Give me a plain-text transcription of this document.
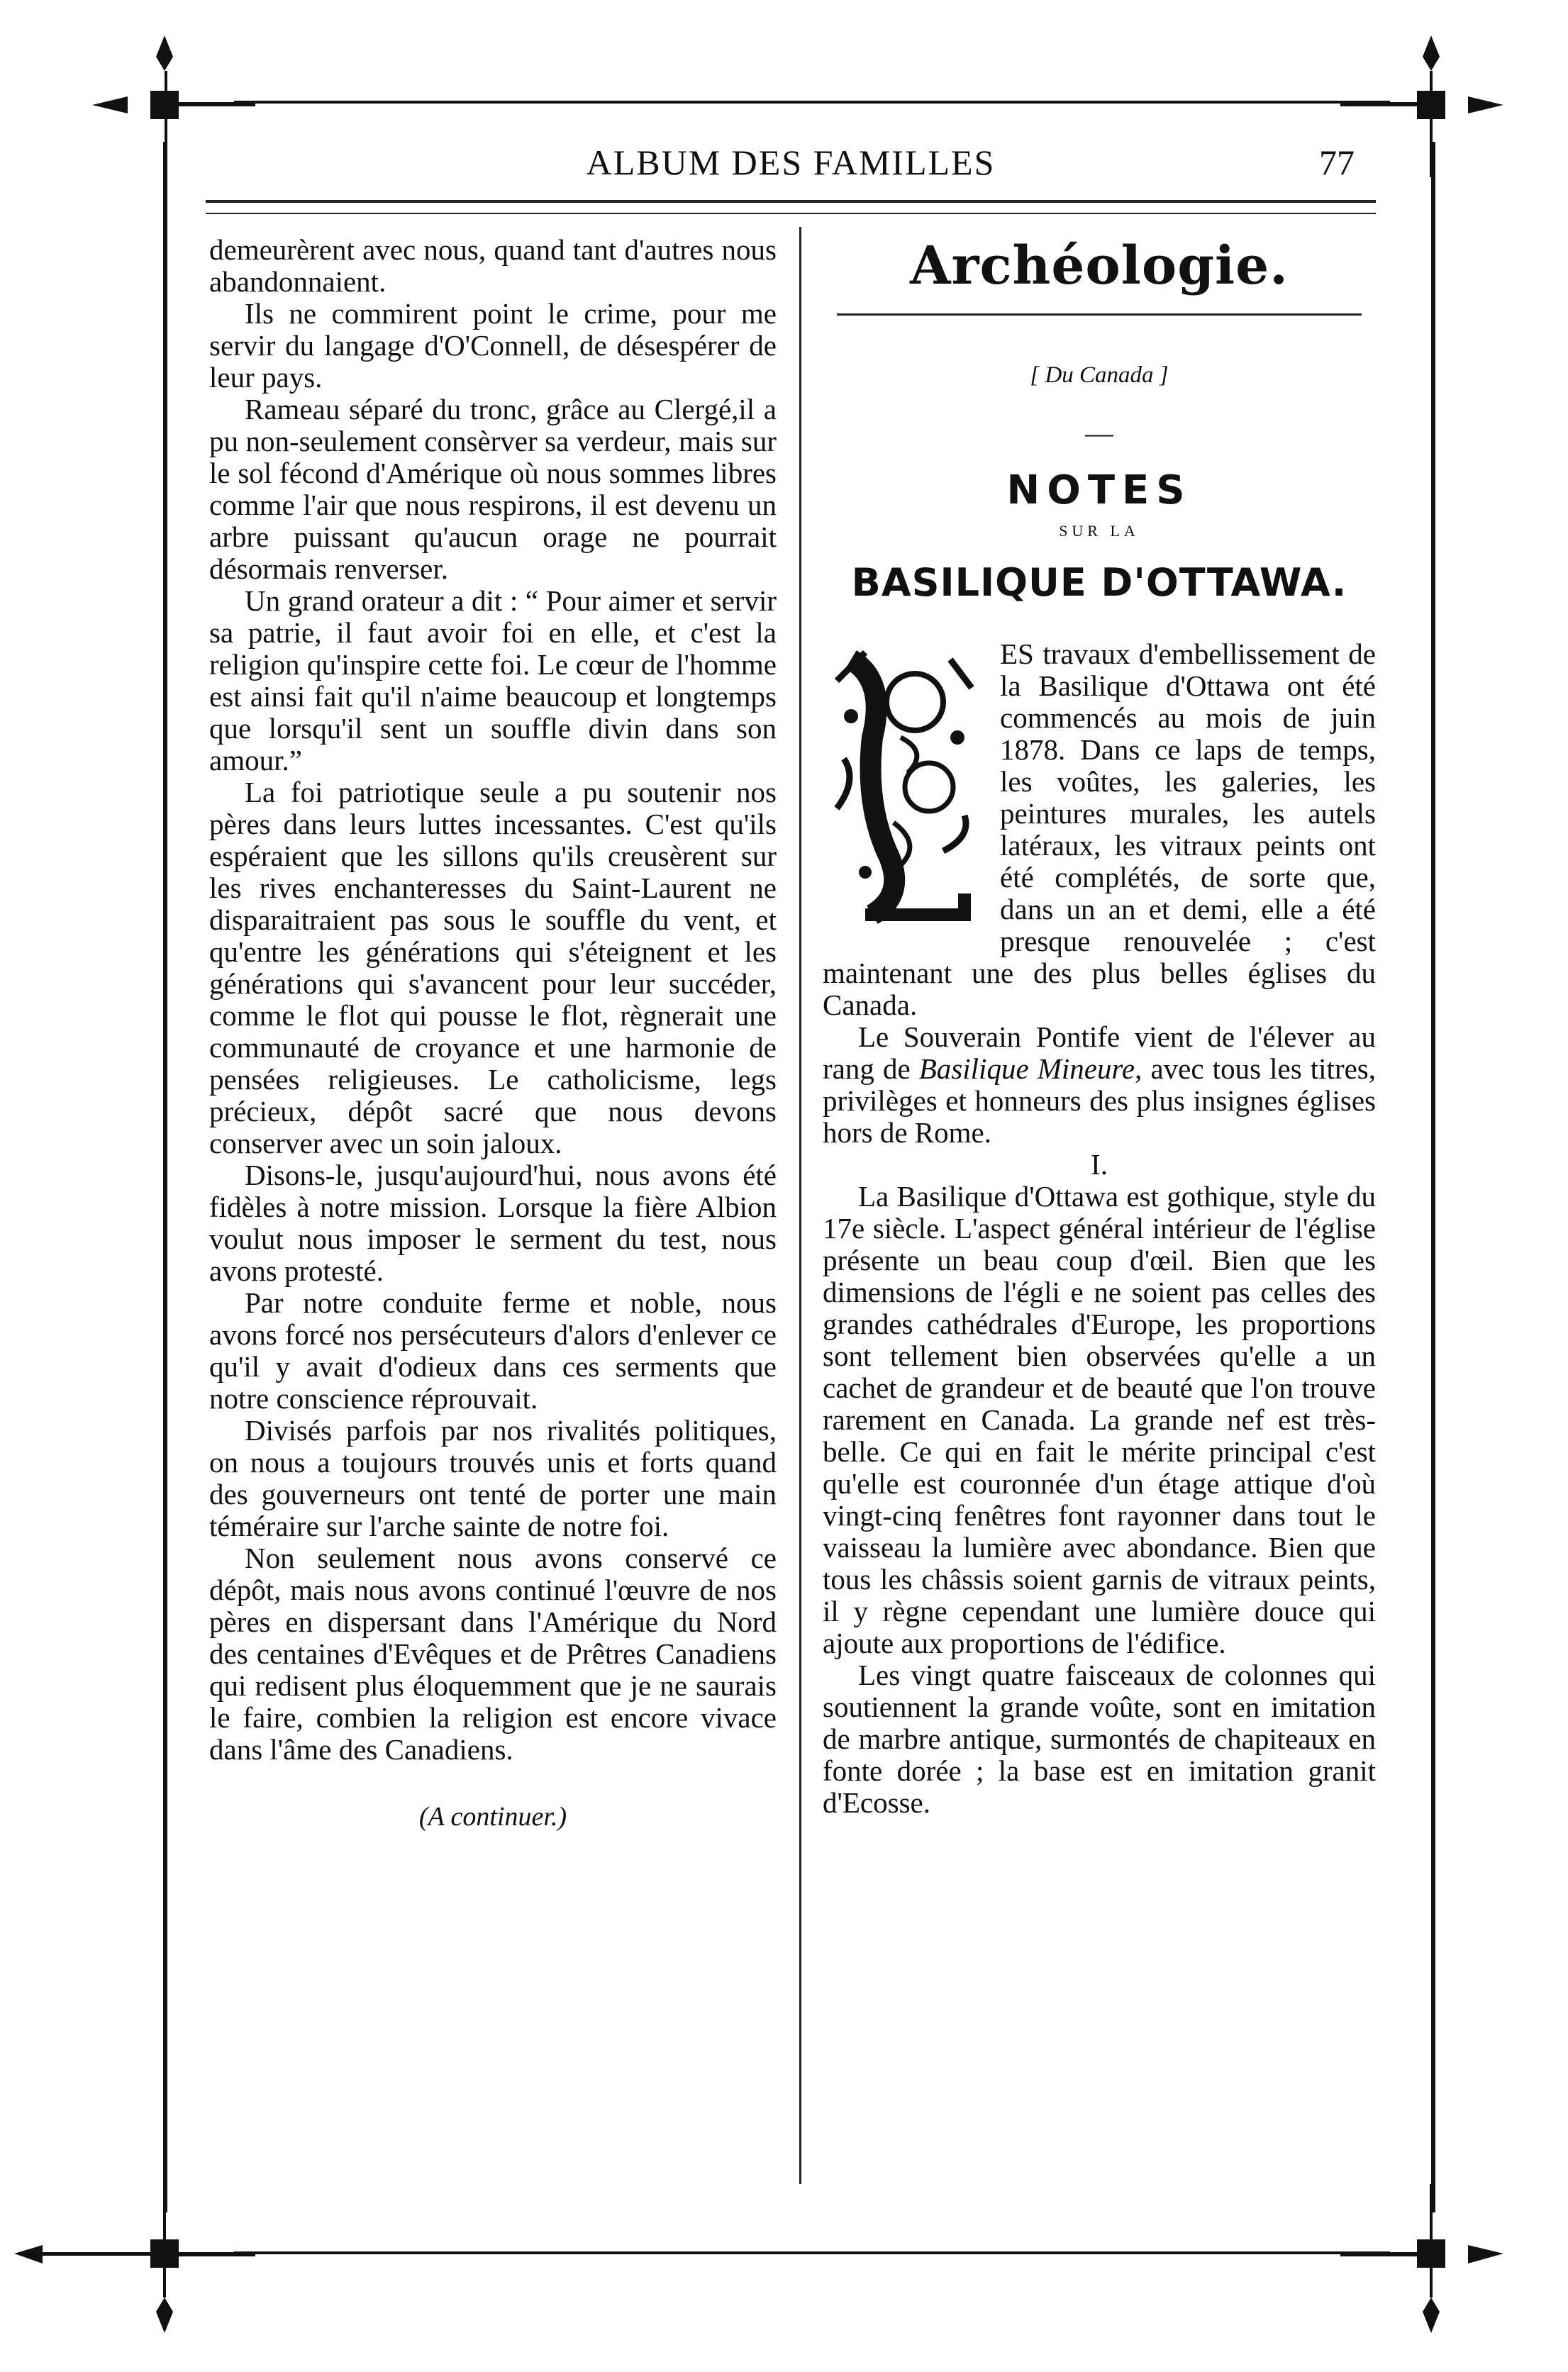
ALBUM DES FAMILLES	77

demeurèrent avec nous, quand tant d'autres nous abandonnaient.

Ils ne commirent point le crime, pour me servir du langage d'O'Connell, de désespérer de leur pays.

Rameau séparé du tronc, grâce au Clergé,il a pu non-seulement consèrver sa verdeur, mais sur le sol fécond d'Amérique où nous sommes libres comme l'air que nous respirons, il est devenu un arbre puissant qu'aucun orage ne pourrait désormais renverser.

Un grand orateur a dit : “ Pour aimer et servir sa patrie, il faut avoir foi en elle, et c'est la religion qu'inspire cette foi. Le cœur de l'homme est ainsi fait qu'il n'aime beaucoup et longtemps que lorsqu'il sent un souffle divin dans son amour.”

La foi patriotique seule a pu soutenir nos pères dans leurs luttes incessantes. C'est qu'ils espéraient que les sillons qu'ils creusèrent sur les rives enchanteresses du Saint-Laurent ne disparaitraient pas sous le souffle du vent, et qu'entre les générations qui s'éteignent et les générations qui s'avancent pour leur succéder, comme le flot qui pousse le flot, règnerait une communauté de croyance et une harmonie de pensées religieuses. Le catholicisme, legs précieux, dépôt sacré que nous devons conserver avec un soin jaloux.

Disons-le, jusqu'aujourd'hui, nous avons été fidèles à notre mission. Lorsque la fière Albion voulut nous imposer le serment du test, nous avons protesté.

Par notre conduite ferme et noble, nous avons forcé nos persécuteurs d'alors d'enlever ce qu'il y avait d'odieux dans ces serments que notre conscience réprouvait.

Divisés parfois par nos rivalités politiques, on nous a toujours trouvés unis et forts quand des gouverneurs ont tenté de porter une main téméraire sur l'arche sainte de notre foi.

Non seulement nous avons conservé ce dépôt, mais nous avons continué l'œuvre de nos pères en dispersant dans l'Amérique du Nord des centaines d'Evêques et de Prêtres Canadiens qui redisent plus éloquemment que je ne saurais le faire, combien la religion est encore vivace dans l'âme des Canadiens.

(A continuer.)
Archéologie.
[ Du Canada ]
—
NOTES
SUR LA
BASILIQUE D'OTTAWA.

ES travaux d'embellissement de la Basilique d'Ottawa ont été commencés au mois de juin 1878. Dans ce laps de temps, les voûtes, les galeries, les peintures murales, les autels latéraux, les vitraux peints ont été complétés, de sorte que, dans un an et demi, elle a été presque renouvelée ; c'est maintenant une des plus belles églises du Canada.

Le Souverain Pontife vient de l'élever au rang de Basilique Mineure, avec tous les titres, privilèges et honneurs des plus insignes églises hors de Rome.

I.

La Basilique d'Ottawa est gothique, style du 17e siècle. L'aspect général intérieur de l'église présente un beau coup d'œil. Bien que les dimensions de l'égli e ne soient pas celles des grandes cathédrales d'Europe, les proportions sont tellement bien observées qu'elle a un cachet de grandeur et de beauté que l'on trouve rarement en Canada. La grande nef est très-belle. Ce qui en fait le mérite principal c'est qu'elle est couronnée d'un étage attique d'où vingt-cinq fenêtres font rayonner dans tout le vaisseau la lumière avec abondance. Bien que tous les châssis soient garnis de vitraux peints, il y règne cependant une lumière douce qui ajoute aux proportions de l'édifice.

Les vingt quatre faisceaux de colonnes qui soutiennent la grande voûte, sont en imitation de marbre antique, surmontés de chapiteaux en fonte dorée ; la base est en imitation granit d'Ecosse.
